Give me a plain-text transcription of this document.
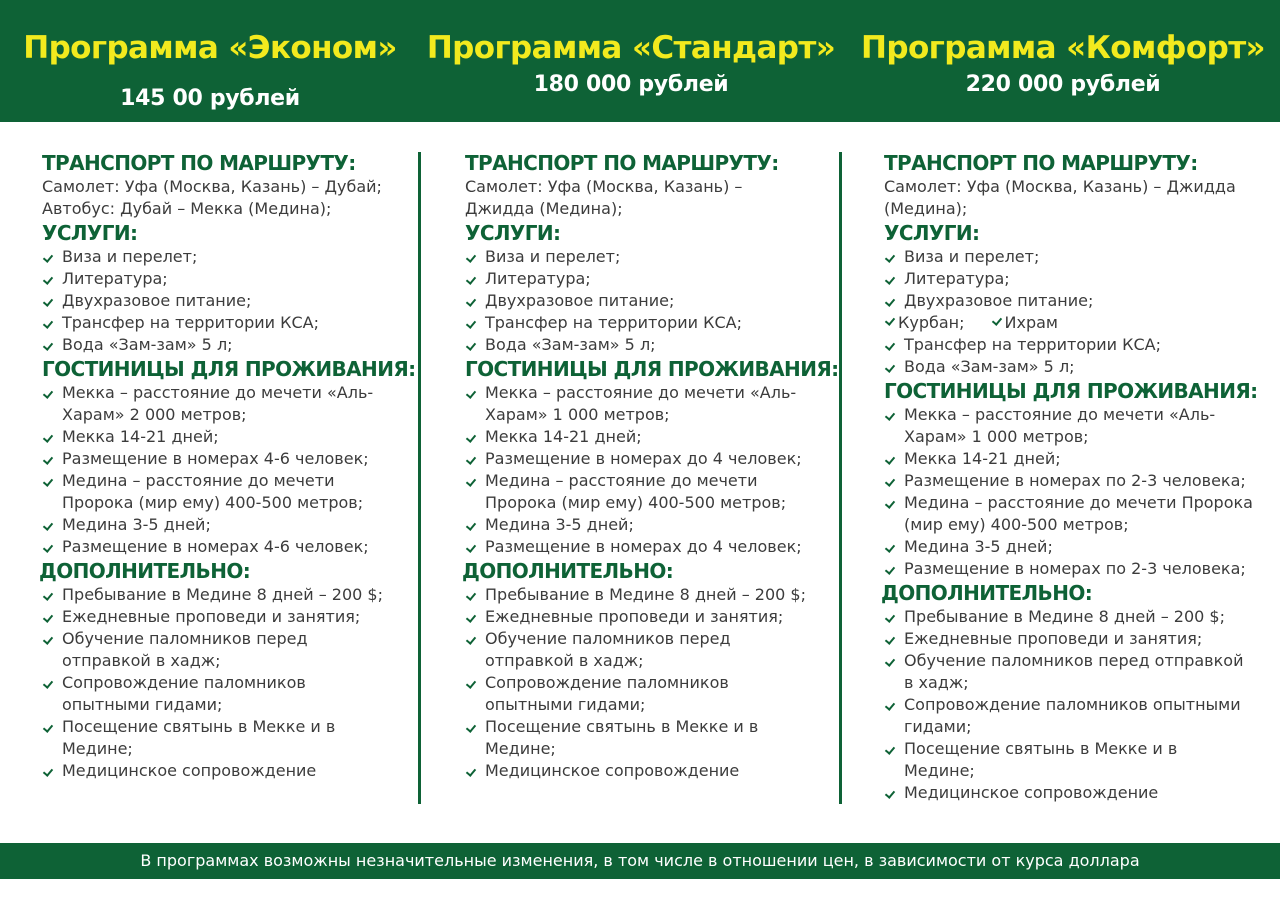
Программа «Эконом»
145 00 рублей
Программа «Стандарт»
180 000 рублей
Программа «Комфорт»
220 000 рублей
ТРАНСПОРТ ПО МАРШРУТУ:
Самолет: Уфа (Москва, Казань) – Дубай;
Автобус: Дубай – Мекка (Медина);
УСЛУГИ:
Виза и перелет;
Литература;
Двухразовое питание;
Трансфер на территории КСА;
Вода «Зам-зам» 5 л;
ГОСТИНИЦЫ ДЛЯ ПРОЖИВАНИЯ:
Мекка – расстояние до мечети «Аль-
Харам» 2 000 метров;
Мекка 14-21 дней;
Размещение в номерах 4-6 человек;
Медина – расстояние до мечети
Пророка (мир ему) 400-500 метров;
Медина 3-5 дней;
Размещение в номерах 4-6 человек;
ДОПОЛНИТЕЛЬНО:
Пребывание в Медине 8 дней – 200 $;
Ежедневные проповеди и занятия;
Обучение паломников перед
отправкой в хадж;
Сопровождение паломников
опытными гидами;
Посещение святынь в Мекке и в
Медине;
Медицинское сопровождение
ТРАНСПОРТ ПО МАРШРУТУ:
Самолет: Уфа (Москва, Казань) –
Джидда (Медина);
УСЛУГИ:
Виза и перелет;
Литература;
Двухразовое питание;
Трансфер на территории КСА;
Вода «Зам-зам» 5 л;
ГОСТИНИЦЫ ДЛЯ ПРОЖИВАНИЯ:
Мекка – расстояние до мечети «Аль-
Харам» 1 000 метров;
Мекка 14-21 дней;
Размещение в номерах до 4 человек;
Медина – расстояние до мечети
Пророка (мир ему) 400-500 метров;
Медина 3-5 дней;
Размещение в номерах до 4 человек;
ДОПОЛНИТЕЛЬНО:
Пребывание в Медине 8 дней – 200 $;
Ежедневные проповеди и занятия;
Обучение паломников перед
отправкой в хадж;
Сопровождение паломников
опытными гидами;
Посещение святынь в Мекке и в
Медине;
Медицинское сопровождение
ТРАНСПОРТ ПО МАРШРУТУ:
Самолет: Уфа (Москва, Казань) – Джидда
(Медина);
УСЛУГИ:
Виза и перелет;
Литература;
Двухразовое питание;
Курбан;	Ихрам
Трансфер на территории КСА;
Вода «Зам-зам» 5 л;
ГОСТИНИЦЫ ДЛЯ ПРОЖИВАНИЯ:
Мекка – расстояние до мечети «Аль-
Харам» 1 000 метров;
Мекка 14-21 дней;
Размещение в номерах по 2-3 человека;
Медина – расстояние до мечети Пророка
(мир ему) 400-500 метров;
Медина 3-5 дней;
Размещение в номерах по 2-3 человека;
ДОПОЛНИТЕЛЬНО:
Пребывание в Медине 8 дней – 200 $;
Ежедневные проповеди и занятия;
Обучение паломников перед отправкой
в хадж;
Сопровождение паломников опытными
гидами;
Посещение святынь в Мекке и в
Медине;
Медицинское сопровождение
В программах возможны незначительные изменения, в том числе в отношении цен, в зависимости от курса доллара
